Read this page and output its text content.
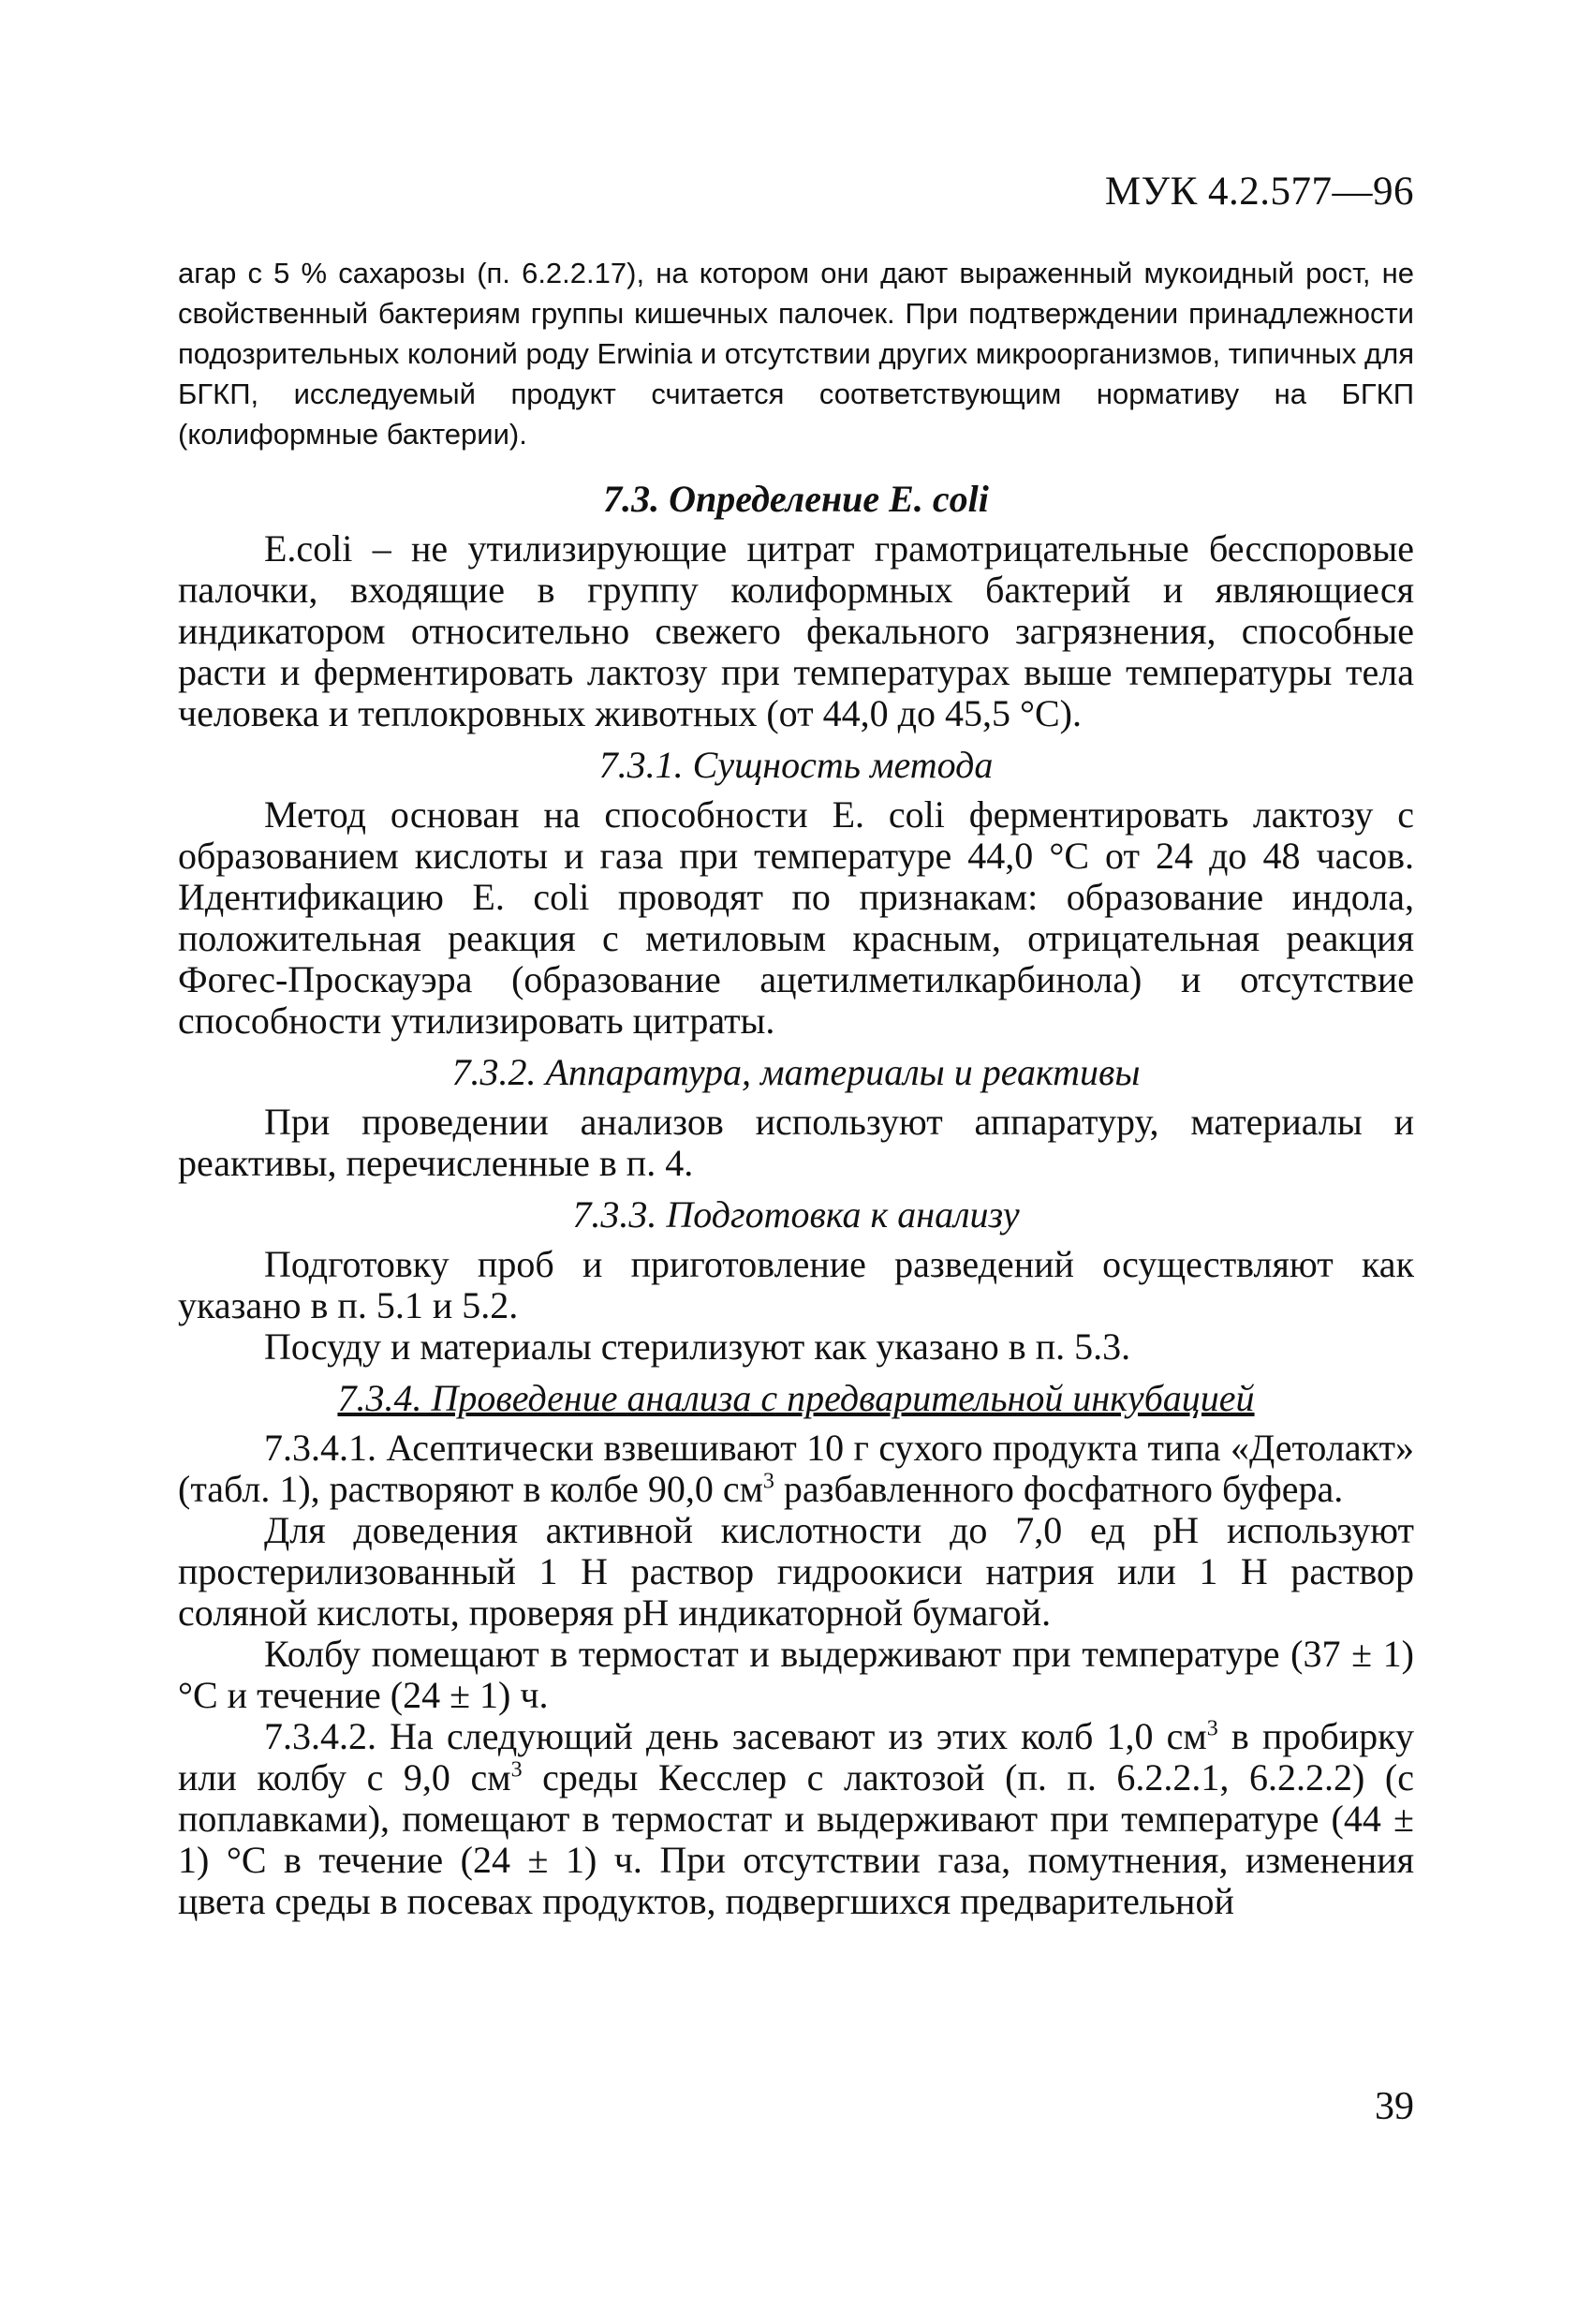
МУК 4.2.577—96
агар с 5 % сахарозы (п. 6.2.2.17), на котором они дают выраженный мукоидный рост, не свойственный бактериям группы кишечных палочек. При подтверждении принадлежности подозрительных колоний роду Erwinia и отсутствии других микроорганизмов, типичных для БГКП, исследуемый продукт считается соответствующим нормативу на БГКП (колиформные бактерии).
7.3. Определение E. coli

E.coli – не утилизирующие цитрат грамотрицательные бесспоровые палочки, входящие в группу колиформных бактерий и являющиеся индикатором относительно свежего фекального загрязнения, способные расти и ферментировать лактозу при температурах выше температуры тела человека и теплокровных животных (от 44,0 до 45,5 °С).

7.3.1. Сущность метода

Метод основан на способности E. coli ферментировать лактозу с образованием кислоты и газа при температуре 44,0 °С от 24 до 48 часов. Идентификацию E. coli проводят по признакам: образование индола, положительная реакция с метиловым красным, отрицательная реакция Фогес-Проскауэра (образование ацетилметилкарбинола) и отсутствие способности утилизировать цитраты.

7.3.2. Аппаратура, материалы и реактивы

При проведении анализов используют аппаратуру, материалы и реактивы, перечисленные в п. 4.

7.3.3. Подготовка к анализу

Подготовку проб и приготовление разведений осуществляют как указано в п. 5.1 и 5.2.

Посуду и материалы стерилизуют как указано в п. 5.3.

7.3.4. Проведение анализа с предварительной инкубацией

7.3.4.1. Асептически взвешивают 10 г сухого продукта типа «Детолакт» (табл. 1), растворяют в колбе 90,0 $см^3$ разбавленного фосфатного буфера.

Для доведения активной кислотности до 7,0 ед рН используют простерилизованный 1 Н раствор гидроокиси натрия или 1 Н раствор соляной кислоты, проверяя рН индикаторной бумагой.

Колбу помещают в термостат и выдерживают при температуре (37 ± 1) °С и течение (24 ± 1) ч.

7.3.4.2. На следующий день засевают из этих колб 1,0 $см^3$ в пробирку или колбу с 9,0 $см^3$ среды Кесслер с лактозой (п. п. 6.2.2.1, 6.2.2.2) (с поплавками), помещают в термостат и выдерживают при температуре (44 ± 1) °С в течение (24 ± 1) ч. При отсутствии газа, помутнения, изменения цвета среды в посевах продуктов, подвергшихся предварительной

39
